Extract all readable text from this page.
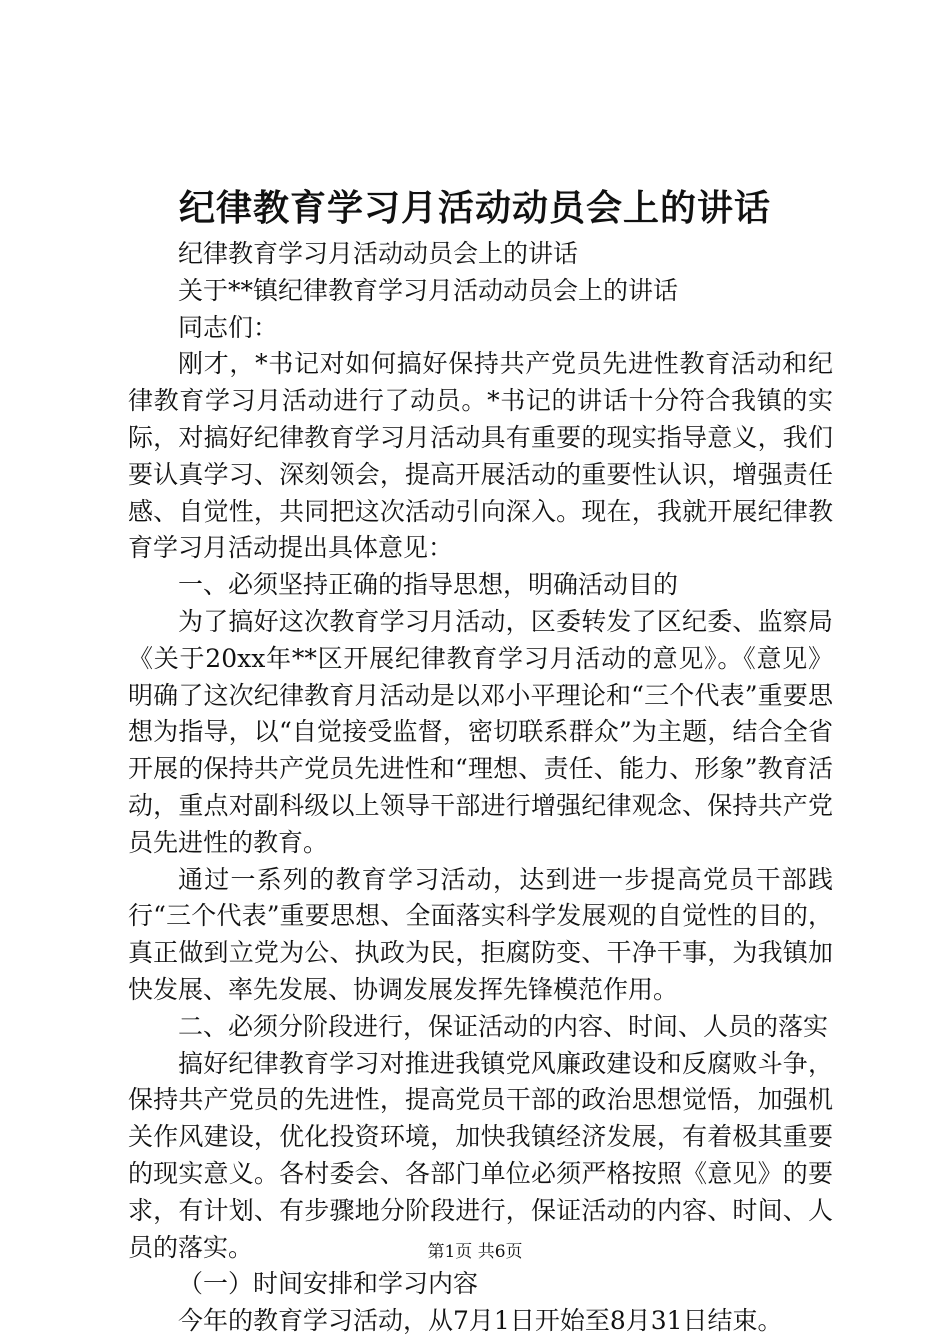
纪律教育学习月活动动员会上的讲话

纪律教育学习月活动动员会上的讲话

关于**镇纪律教育学习月活动动员会上的讲话

同志们：

刚才，*书记对如何搞好保持共产党员先进性教育活动和纪律教育学习月活动进行了动员。*书记的讲话十分符合我镇的实际，对搞好纪律教育学习月活动具有重要的现实指导意义，我们要认真学习、深刻领会，提高开展活动的重要性认识，增强责任感、自觉性，共同把这次活动引向深入。现在，我就开展纪律教育学习月活动提出具体意见：

一、必须坚持正确的指导思想，明确活动目的

为了搞好这次教育学习月活动，区委转发了区纪委、监察局《关于20xx年**区开展纪律教育学习月活动的意见》。《意见》明确了这次纪律教育月活动是以邓小平理论和“三个代表”重要思想为指导，以“自觉接受监督，密切联系群众”为主题，结合全省开展的保持共产党员先进性和“理想、责任、能力、形象”教育活动，重点对副科级以上领导干部进行增强纪律观念、保持共产党员先进性的教育。

通过一系列的教育学习活动，达到进一步提高党员干部践行“三个代表”重要思想、全面落实科学发展观的自觉性的目的，真正做到立党为公、执政为民，拒腐防变、干净干事，为我镇加快发展、率先发展、协调发展发挥先锋模范作用。

二、必须分阶段进行，保证活动的内容、时间、人员的落实

搞好纪律教育学习对推进我镇党风廉政建设和反腐败斗争，保持共产党员的先进性，提高党员干部的政治思想觉悟，加强机关作风建设，优化投资环境，加快我镇经济发展，有着极其重要的现实意义。各村委会、各部门单位必须严格按照《意见》的要求，有计划、有步骤地分阶段进行，保证活动的内容、时间、人员的落实。

（一）时间安排和学习内容

今年的教育学习活动，从7月1日开始至8月31日结束。

第1页 共6页
